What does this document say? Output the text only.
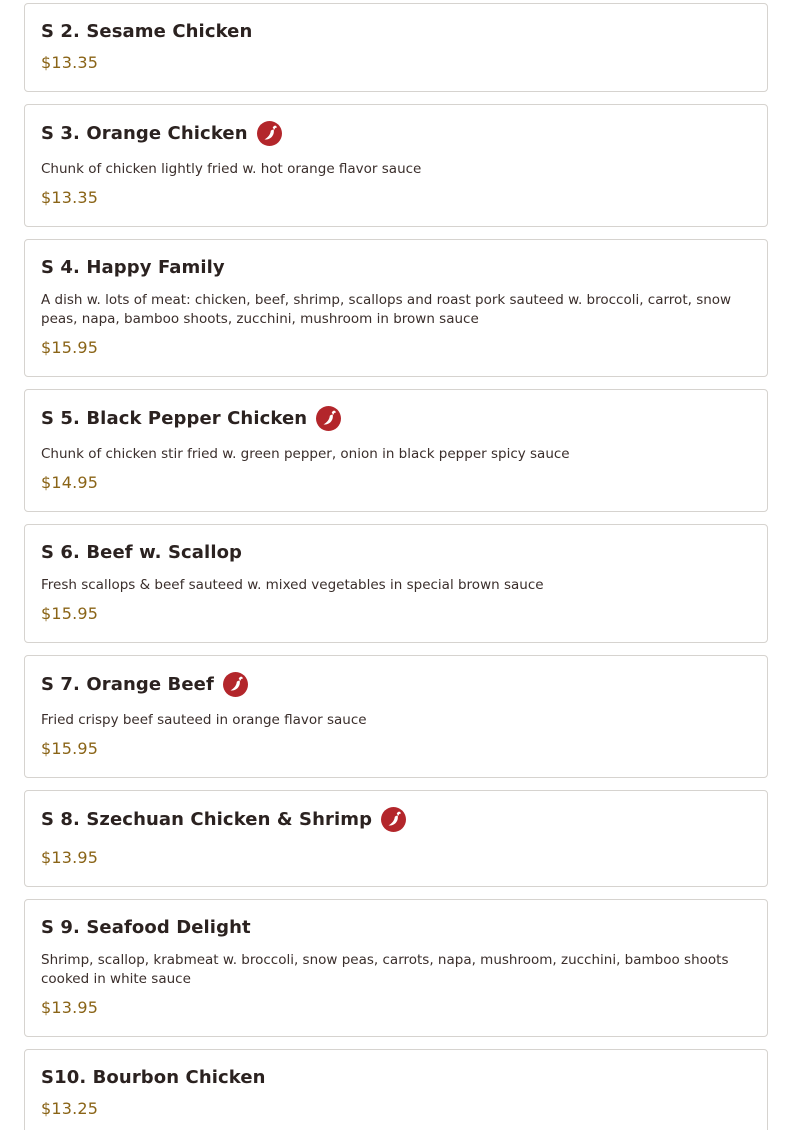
S 2. Sesame Chicken
$13.35
S 3. Orange Chicken
Chunk of chicken lightly fried w. hot orange flavor sauce
$13.35
S 4. Happy Family
A dish w. lots of meat: chicken, beef, shrimp, scallops and roast pork sauteed w. broccoli, carrot, snow peas, napa, bamboo shoots, zucchini, mushroom in brown sauce
$15.95
S 5. Black Pepper Chicken
Chunk of chicken stir fried w. green pepper, onion in black pepper spicy sauce
$14.95
S 6. Beef w. Scallop
Fresh scallops & beef sauteed w. mixed vegetables in special brown sauce
$15.95
S 7. Orange Beef
Fried crispy beef sauteed in orange flavor sauce
$15.95
S 8. Szechuan Chicken & Shrimp
$13.95
S 9. Seafood Delight
Shrimp, scallop, krabmeat w. broccoli, snow peas, carrots, napa, mushroom, zucchini, bamboo shoots cooked in white sauce
$13.95
S10. Bourbon Chicken
$13.25
